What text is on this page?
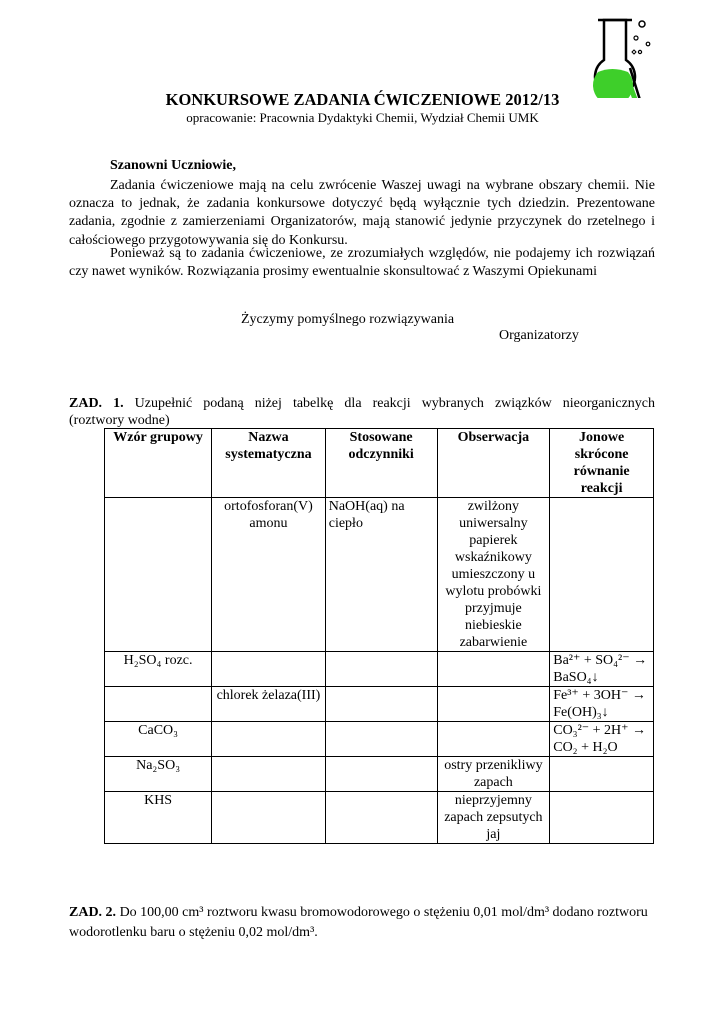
KONKURSOWE ZADANIA ĆWICZENIOWE 2012/13
opracowanie: Pracownia Dydaktyki Chemii, Wydział Chemii UMK
Szanowni Uczniowie,
Zadania ćwiczeniowe mają na celu zwrócenie Waszej uwagi na wybrane obszary chemii. Nie oznacza to jednak, że zadania konkursowe dotyczyć będą wyłącznie tych dziedzin. Prezentowane zadania, zgodnie z zamierzeniami Organizatorów, mają stanowić jedynie przyczynek do rzetelnego i całościowego przygotowywania się do Konkursu.
Ponieważ są to zadania ćwiczeniowe, ze zrozumiałych względów, nie podajemy ich rozwiązań czy nawet wyników. Rozwiązania prosimy ewentualnie skonsultować z Waszymi Opiekunami
Życzymy pomyślnego rozwiązywania
Organizatorzy
ZAD. 1. Uzupełnić podaną niżej tabelkę dla reakcji wybranych związków nieorganicznych
(roztwory wodne)
Wzór grupowy	Nazwa systematyczna	Stosowane odczynniki	Obserwacja	Jonowe skrócone równanie reakcji
	ortofosforan(V) amonu	NaOH(aq) na ciepło	zwilżony uniwersalny papierek wskaźnikowy umieszczony u wylotu probówki przyjmuje niebieskie zabarwienie	
H₂SO₄ rozc.				Ba²⁺ + SO₄²⁻ → BaSO₄↓
	chlorek żelaza(III)			Fe³⁺ + 3OH⁻ → Fe(OH)₃↓
CaCO₃				CO₃²⁻ + 2H⁺ → CO₂ + H₂O
Na₂SO₃			ostry przenikliwy zapach	
KHS			nieprzyjemny zapach zepsutych jaj	
ZAD. 2. Do 100,00 cm³ roztworu kwasu bromowodorowego o stężeniu 0,01 mol/dm³ dodano roztworu wodorotlenku baru o stężeniu 0,02 mol/dm³.
